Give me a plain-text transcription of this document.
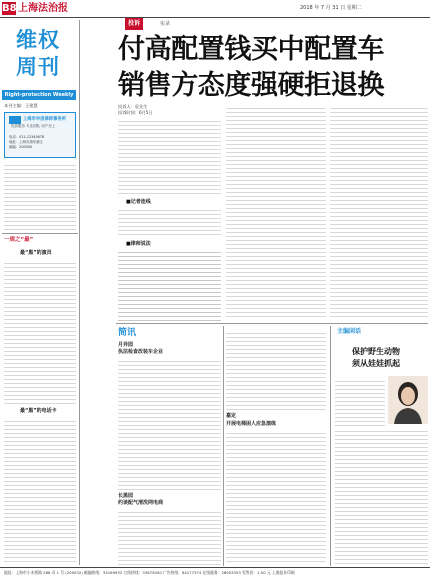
B8 上海法治报	2018 年 7 月 31 日 星期二
维权
周刊
Right-protection Weekly
本刊主编：王建慧
上海市申房律师事务所
优质服务 专业团队 用户至上
电话：021-12345678
地址：上海市浦东新区
邮编：200000
一周之“最”
最“黑”的演员
最“黑”的电话卡
投诉	实录
付高配置钱买中配置车
销售方态度强硬拒退换
投诉人：袁先生
投诉时间：6月5日
■记者连线
■律师说法
简讯
月异园
执法检查改装车企业
长黑园
约谈配气清洗网电商
嘉定
开展电梯困人应急演练
主编闲话
保护野生动物
须从娃娃抓起
地址：上海市小木桥路 268 弄 1 号 (200032) 邮编热线：34169932 订阅热线：33675000 广告热线：64177374 在线服务：28953353 零售价：1.50 元 上海报业印刷
